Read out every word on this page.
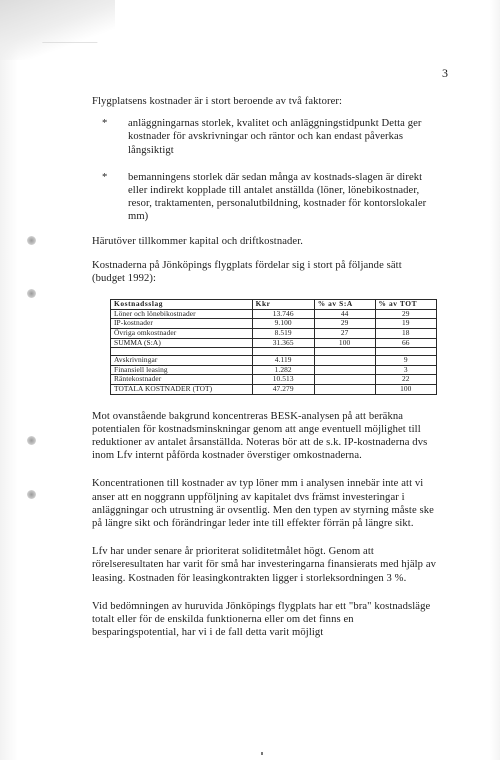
3

Flygplatsens kostnader är i stort beroende av två faktorer:

*	anläggningarnas storlek, kvalitet och anläggningstidpunkt Detta ger kostnader för avskrivningar och räntor och kan endast påverkas långsiktigt
*	bemanningens storlek där sedan många av kostnads-slagen är direkt eller indirekt kopplade till antalet anställda (löner, lönebikostnader, resor, traktamenten, personalutbildning, kostnader för kontorslokaler mm)

Härutöver tillkommer kapital och driftkostnader.

Kostnaderna på Jönköpings flygplats fördelar sig i stort på följande sätt (budget 1992):

Kostnadsslag	Kkr	% av S:A	% av TOT
Löner och lönebikostnader	13.746	44	29
IP-kostnader	9.100	29	19
Övriga omkostnader	8.519	27	18
SUMMA (S:A)	31.365	100	66

Avskrivningar	4.119		9
Finansiell leasing	1.282		3
Räntekostnader	10.513		22
TOTALA KOSTNADER (TOT)	47.279		100

Mot ovanstående bakgrund koncentreras BESK-analysen på att beräkna potentialen för kostnadsminskningar genom att ange eventuell möjlighet till reduktioner av antalet årsanställda. Noteras bör att de s.k. IP-kostnaderna dvs inom Lfv internt påförda kostnader överstiger omkostnaderna.

Koncentrationen till kostnader av typ löner mm i analysen innebär inte att vi anser att en noggrann uppföljning av kapitalet dvs främst investeringar i anläggningar och utrustning är ovsentlig. Men den typen av styrning måste ske på längre sikt och förändringar leder inte till effekter förrän på längre sikt.

Lfv har under senare år prioriterat soliditetmålet högt. Genom att rörelseresultaten har varit för små har investeringarna finansierats med hjälp av leasing. Kostnaden för leasingkontrakten ligger i storleksordningen 3 %.

Vid bedömningen av huruvida Jönköpings flygplats har ett "bra" kostnadsläge totalt eller för de enskilda funktionerna eller om det finns en besparingspotential, har vi i de fall detta varit möjligt
